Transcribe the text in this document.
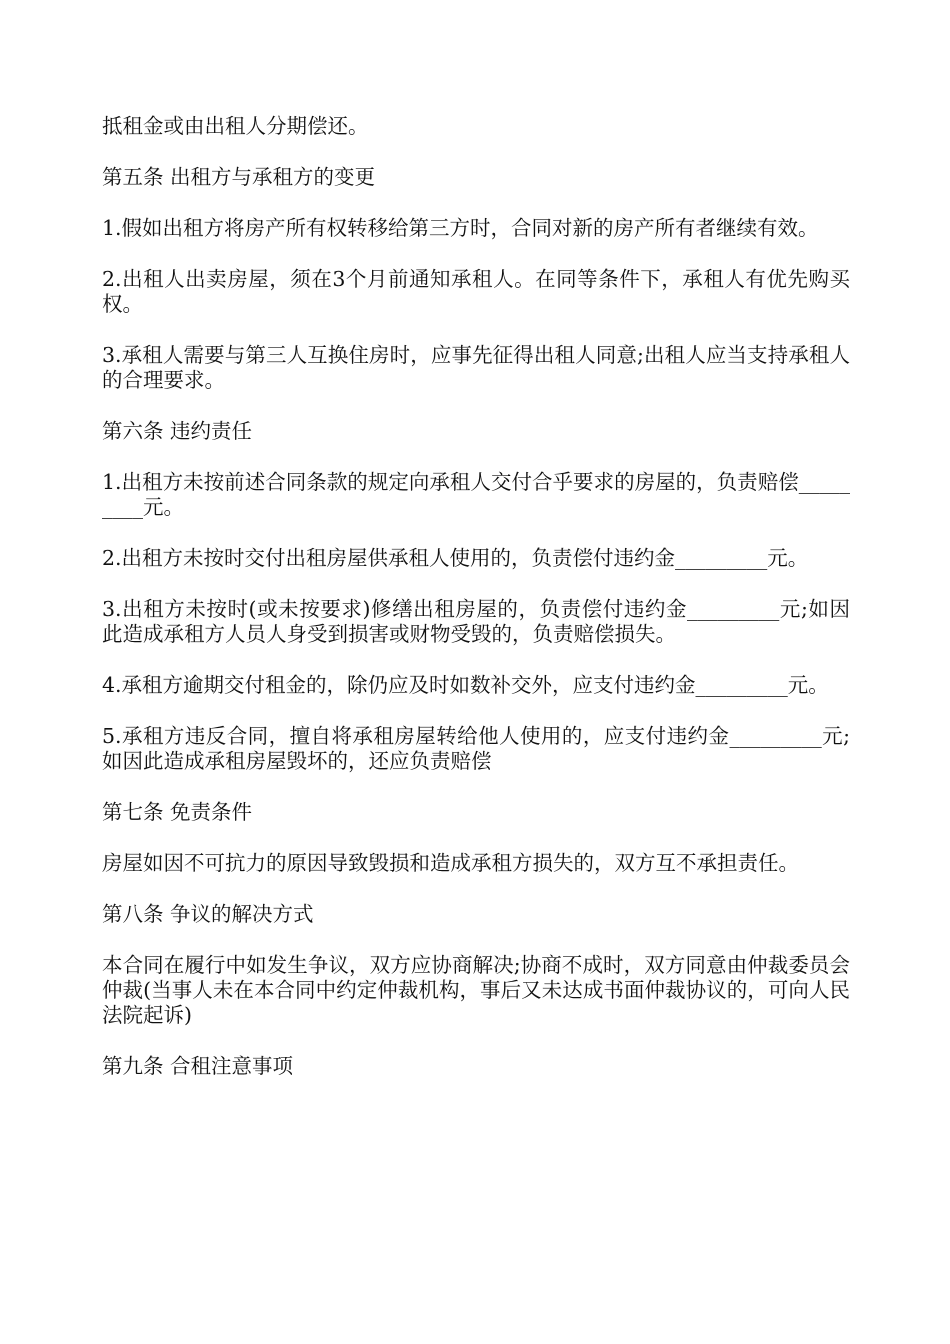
抵租金或由出租人分期偿还。

第五条 出租方与承租方的变更

1.假如出租方将房产所有权转移给第三方时，合同对新的房产所有者继续有效。

2.出租人出卖房屋，须在3个月前通知承租人。在同等条件下，承租人有优先购买权。

3.承租人需要与第三人互换住房时，应事先征得出租人同意;出租人应当支持承租人的合理要求。

第六条 违约责任

1.出租方未按前述合同条款的规定向承租人交付合乎要求的房屋的，负责赔偿_________元。

2.出租方未按时交付出租房屋供承租人使用的，负责偿付违约金_________元。

3.出租方未按时(或未按要求)修缮出租房屋的，负责偿付违约金_________元;如因此造成承租方人员人身受到损害或财物受毁的，负责赔偿损失。

4.承租方逾期交付租金的，除仍应及时如数补交外，应支付违约金_________元。

5.承租方违反合同，擅自将承租房屋转给他人使用的，应支付违约金_________元;如因此造成承租房屋毁坏的，还应负责赔偿

第七条 免责条件

房屋如因不可抗力的原因导致毁损和造成承租方损失的，双方互不承担责任。

第八条 争议的解决方式

本合同在履行中如发生争议，双方应协商解决;协商不成时，双方同意由仲裁委员会仲裁(当事人未在本合同中约定仲裁机构，事后又未达成书面仲裁协议的，可向人民法院起诉)

第九条 合租注意事项
